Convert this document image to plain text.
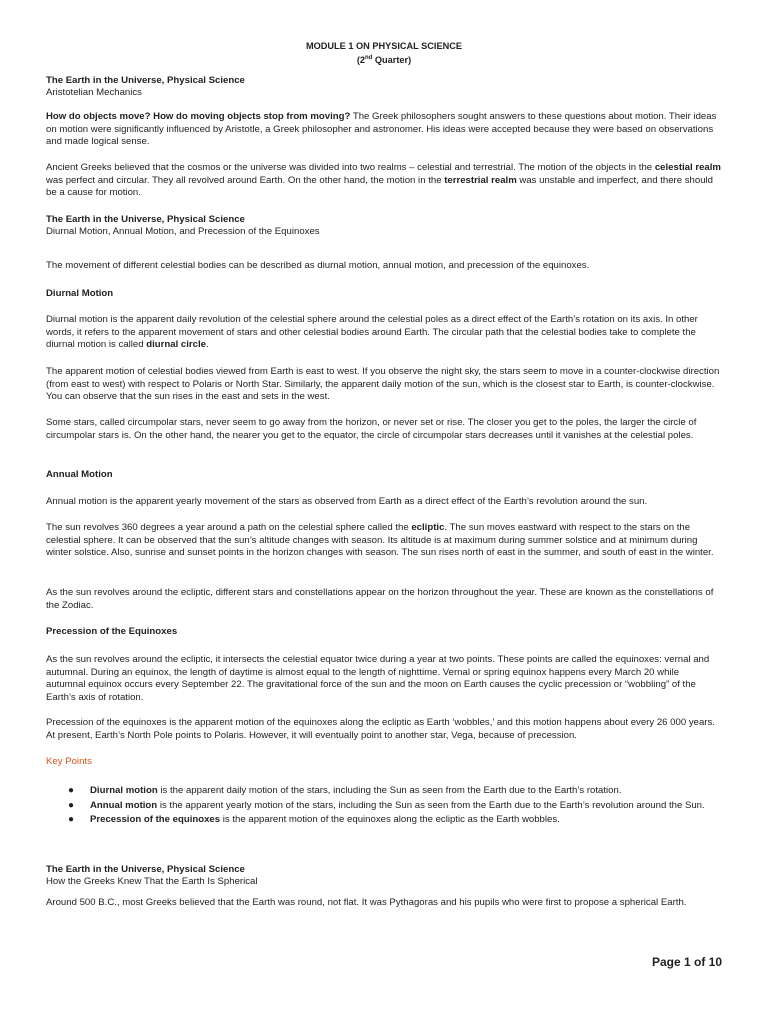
MODULE 1 ON PHYSICAL SCIENCE
(2nd Quarter)

The Earth in the Universe, Physical Science

Aristotelian Mechanics

How do objects move? How do moving objects stop from moving? The Greek philosophers sought answers to these questions about motion. Their ideas on motion were significantly influenced by Aristotle, a Greek philosopher and astronomer. His ideas were accepted because they were based on observations and made logical sense.

Ancient Greeks believed that the cosmos or the universe was divided into two realms – celestial and terrestrial. The motion of the objects in the celestial realm was perfect and circular. They all revolved around Earth. On the other hand, the motion in the terrestrial realm was unstable and imperfect, and there should be a cause for motion.

The Earth in the Universe, Physical Science

Diurnal Motion, Annual Motion, and Precession of the Equinoxes

The movement of different celestial bodies can be described as diurnal motion, annual motion, and precession of the equinoxes.

Diurnal Motion

Diurnal motion is the apparent daily revolution of the celestial sphere around the celestial poles as a direct effect of the Earth’s rotation on its axis. In other words, it refers to the apparent movement of stars and other celestial bodies around Earth. The circular path that the celestial bodies take to complete the diurnal motion is called diurnal circle.

The apparent motion of celestial bodies viewed from Earth is east to west. If you observe the night sky, the stars seem to move in a counter-clockwise direction (from east to west) with respect to Polaris or North Star. Similarly, the apparent daily motion of the sun, which is the closest star to Earth, is counter-clockwise. You can observe that the sun rises in the east and sets in the west.

Some stars, called circumpolar stars, never seem to go away from the horizon, or never set or rise. The closer you get to the poles, the larger the circle of circumpolar stars is. On the other hand, the nearer you get to the equator, the circle of circumpolar stars decreases until it vanishes at the celestial poles.

Annual Motion

Annual motion is the apparent yearly movement of the stars as observed from Earth as a direct effect of the Earth’s revolution around the sun.

The sun revolves 360 degrees a year around a path on the celestial sphere called the ecliptic. The sun moves eastward with respect to the stars on the celestial sphere. It can be observed that the sun’s altitude changes with season. Its altitude is at maximum during summer solstice and at minimum during winter solstice. Also, sunrise and sunset points in the horizon changes with season. The sun rises north of east in the summer, and south of east in the winter.

As the sun revolves around the ecliptic, different stars and constellations appear on the horizon throughout the year. These are known as the constellations of the Zodiac.

Precession of the Equinoxes

As the sun revolves around the ecliptic, it intersects the celestial equator twice during a year at two points. These points are called the equinoxes: vernal and autumnal. During an equinox, the length of daytime is almost equal to the length of nighttime. Vernal or spring equinox happens every March 20 while autumnal equinox occurs every September 22. The gravitational force of the sun and the moon on Earth causes the cyclic precession or “wobbling” of the Earth’s axis of rotation.

Precession of the equinoxes is the apparent motion of the equinoxes along the ecliptic as Earth ‘wobbles,’ and this motion happens about every 26 000 years. At present, Earth’s North Pole points to Polaris. However, it will eventually point to another star, Vega, because of precession.

Key Points

● Diurnal motion is the apparent daily motion of the stars, including the Sun as seen from the Earth due to the Earth’s rotation.
● Annual motion is the apparent yearly motion of the stars, including the Sun as seen from the Earth due to the Earth’s revolution around the Sun.
● Precession of the equinoxes is the apparent motion of the equinoxes along the ecliptic as the Earth wobbles.

The Earth in the Universe, Physical Science

How the Greeks Knew That the Earth Is Spherical

Around 500 B.C., most Greeks believed that the Earth was round, not flat. It was Pythagoras and his pupils who were first to propose a spherical Earth.

Page 1 of 10
